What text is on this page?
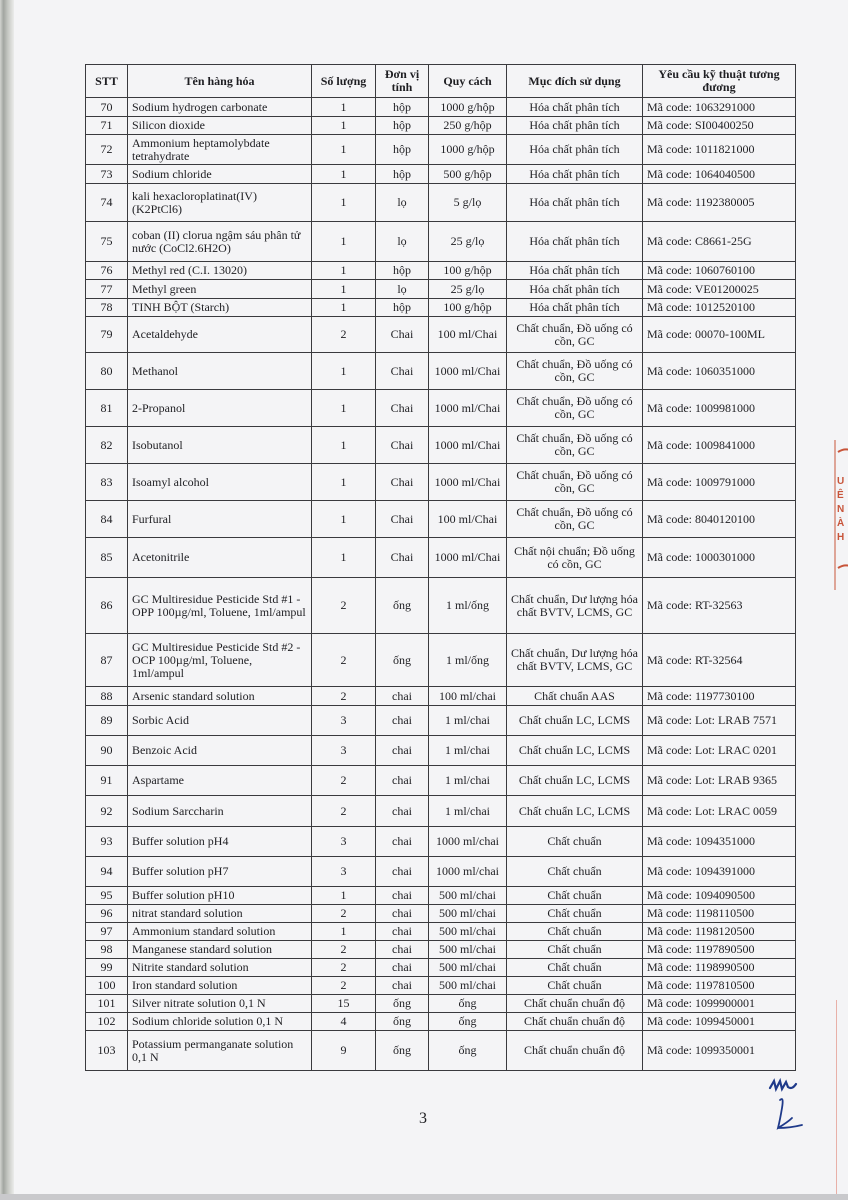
STT	Tên hàng hóa	Số lượng	Đơn vị tính	Quy cách	Mục đích sử dụng	Yêu cầu kỹ thuật tương đương
70	Sodium hydrogen carbonate	1	hộp	1000 g/hộp	Hóa chất phân tích	Mã code: 1063291000
71	Silicon dioxide	1	hộp	250 g/hộp	Hóa chất phân tích	Mã code: SI00400250
72	Ammonium heptamolybdate tetrahydrate	1	hộp	1000 g/hộp	Hóa chất phân tích	Mã code: 1011821000
73	Sodium chloride	1	hộp	500 g/hộp	Hóa chất phân tích	Mã code: 1064040500
74	kali hexacloroplatinat(IV) (K2PtCl6)	1	lọ	5 g/lọ	Hóa chất phân tích	Mã code: 1192380005
75	coban (II) clorua ngậm sáu phân tử nước (CoCl2.6H2O)	1	lọ	25 g/lọ	Hóa chất phân tích	Mã code: C8661-25G
76	Methyl red (C.I. 13020)	1	hộp	100 g/hộp	Hóa chất phân tích	Mã code: 1060760100
77	Methyl green	1	lọ	25 g/lọ	Hóa chất phân tích	Mã code: VE01200025
78	TINH BỘT (Starch)	1	hộp	100 g/hộp	Hóa chất phân tích	Mã code: 1012520100
79	Acetaldehyde	2	Chai	100 ml/Chai	Chất chuẩn, Đồ uống có cồn, GC	Mã code: 00070-100ML
80	Methanol	1	Chai	1000 ml/Chai	Chất chuẩn, Đồ uống có cồn, GC	Mã code: 1060351000
81	2-Propanol	1	Chai	1000 ml/Chai	Chất chuẩn, Đồ uống có cồn, GC	Mã code: 1009981000
82	Isobutanol	1	Chai	1000 ml/Chai	Chất chuẩn, Đồ uống có cồn, GC	Mã code: 1009841000
83	Isoamyl alcohol	1	Chai	1000 ml/Chai	Chất chuẩn, Đồ uống có cồn, GC	Mã code: 1009791000
84	Furfural	1	Chai	100 ml/Chai	Chất chuẩn, Đồ uống có cồn, GC	Mã code: 8040120100
85	Acetonitrile	1	Chai	1000 ml/Chai	Chất nội chuẩn; Đồ uống có cồn, GC	Mã code: 1000301000
86	GC Multiresidue Pesticide Std #1 - OPP 100µg/ml, Toluene, 1ml/ampul	2	ống	1 ml/ống	Chất chuẩn, Dư lượng hóa chất BVTV, LCMS, GC	Mã code: RT-32563
87	GC Multiresidue Pesticide Std #2 - OCP 100µg/ml, Toluene, 1ml/ampul	2	ống	1 ml/ống	Chất chuẩn, Dư lượng hóa chất BVTV, LCMS, GC	Mã code: RT-32564
88	Arsenic standard solution	2	chai	100 ml/chai	Chất chuẩn AAS	Mã code: 1197730100
89	Sorbic Acid	3	chai	1 ml/chai	Chất chuẩn LC, LCMS	Mã code: Lot: LRAB 7571
90	Benzoic Acid	3	chai	1 ml/chai	Chất chuẩn LC, LCMS	Mã code: Lot: LRAC 0201
91	Aspartame	2	chai	1 ml/chai	Chất chuẩn LC, LCMS	Mã code: Lot: LRAB 9365
92	Sodium Sarccharin	2	chai	1 ml/chai	Chất chuẩn LC, LCMS	Mã code: Lot: LRAC 0059
93	Buffer solution pH4	3	chai	1000 ml/chai	Chất chuẩn	Mã code: 1094351000
94	Buffer solution pH7	3	chai	1000 ml/chai	Chất chuẩn	Mã code: 1094391000
95	Buffer solution pH10	1	chai	500 ml/chai	Chất chuẩn	Mã code: 1094090500
96	nitrat standard solution	2	chai	500 ml/chai	Chất chuẩn	Mã code: 1198110500
97	Ammonium standard solution	1	chai	500 ml/chai	Chất chuẩn	Mã code: 1198120500
98	Manganese standard solution	2	chai	500 ml/chai	Chất chuẩn	Mã code: 1197890500
99	Nitrite standard solution	2	chai	500 ml/chai	Chất chuẩn	Mã code: 1198990500
100	Iron standard solution	2	chai	500 ml/chai	Chất chuẩn	Mã code: 1197810500
101	Silver nitrate solution 0,1 N	15	ống	ống	Chất chuẩn chuẩn độ	Mã code: 1099900001
102	Sodium chloride solution 0,1 N	4	ống	ống	Chất chuẩn chuẩn độ	Mã code: 1099450001
103	Potassium permanganate solution 0,1 N	9	ống	ống	Chất chuẩn chuẩn độ	Mã code: 1099350001
3
U
Ê
N
À
H
